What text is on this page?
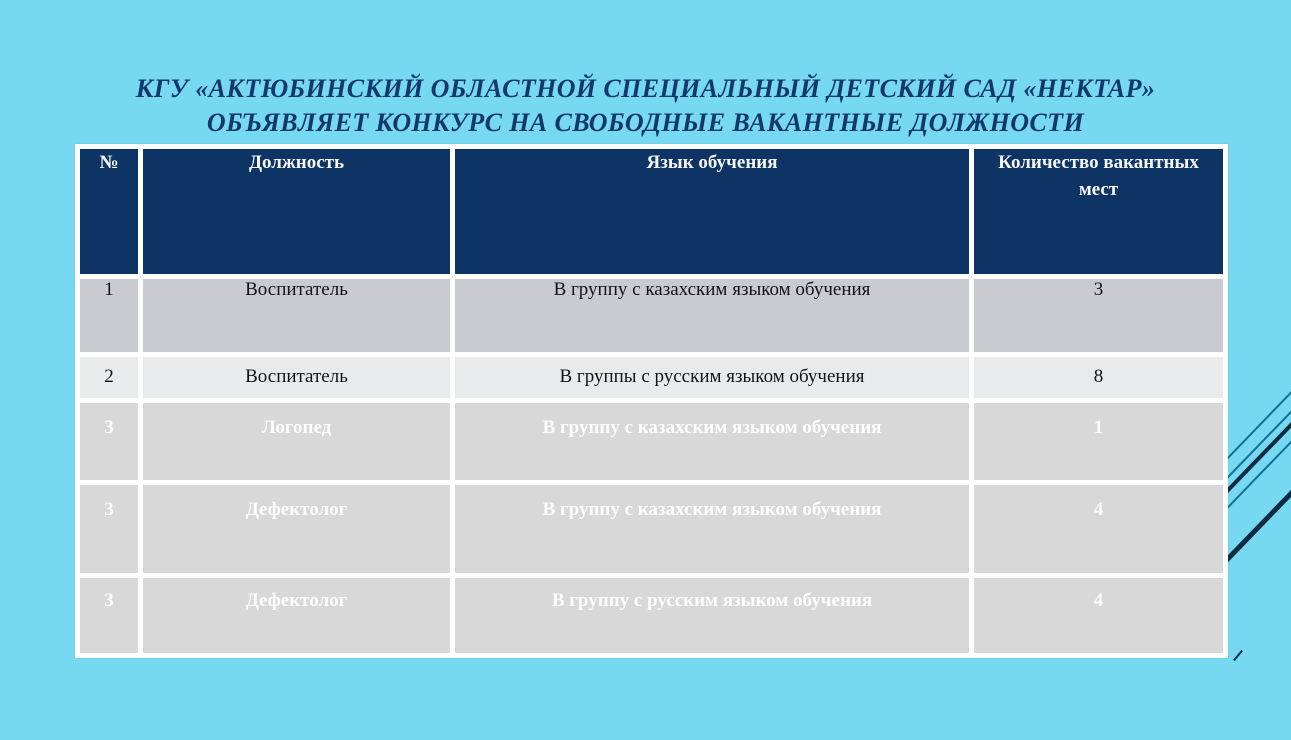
КГУ «АКТЮБИНСКИЙ ОБЛАСТНОЙ СПЕЦИАЛЬНЫЙ ДЕТСКИЙ САД «НЕКТАР»
ОБЪЯВЛЯЕТ КОНКУРС НА СВОБОДНЫЕ ВАКАНТНЫЕ ДОЛЖНОСТИ
№	Должность	Язык обучения	Количество вакантных мест
1	Воспитатель	В группу с казахским языком обучения	3
2	Воспитатель	В группы с русским языком обучения	8
3	Логопед	В группу с казахским языком обучения	1
3	Дефектолог	В группу с казахским языком обучения	4
3	Дефектолог	В группу с русским языком обучения	4
